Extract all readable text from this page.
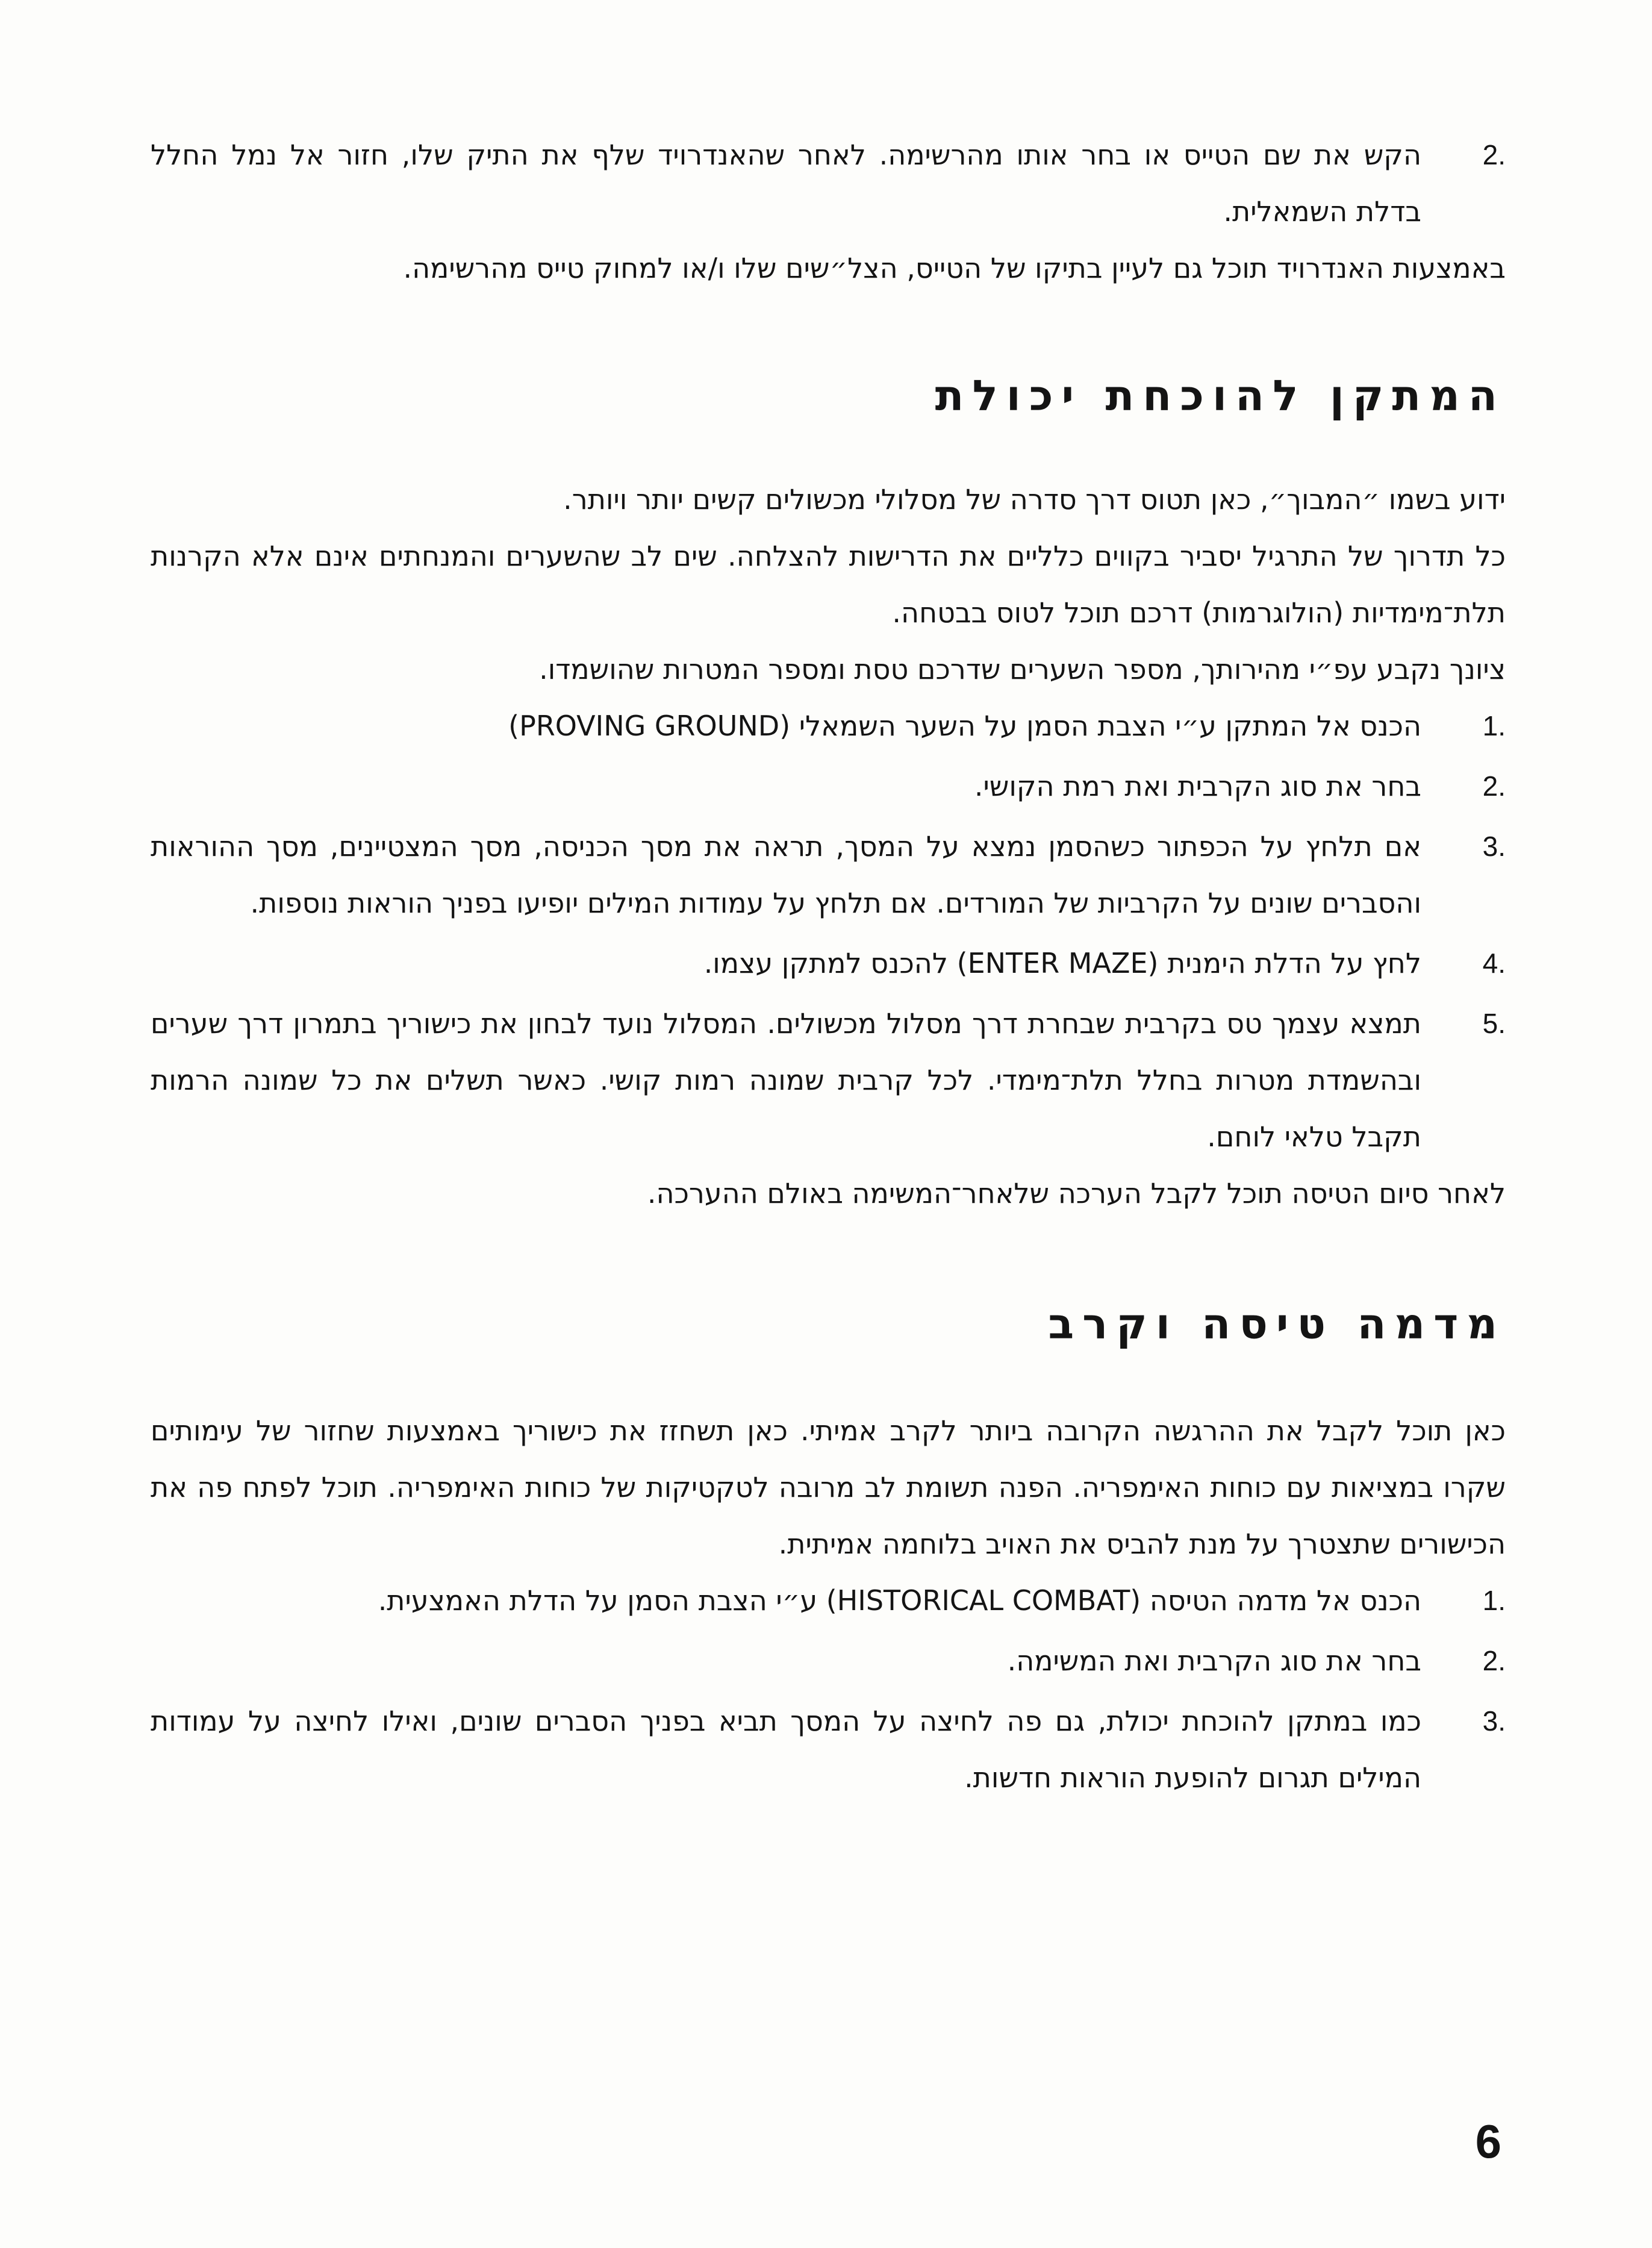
.2
הקש את שם הטייס או בחר אותו מהרשימה. לאחר שהאנדרויד שלף את התיק שלו, חזור אל נמל החלל בדלת השמאלית.

באמצעות האנדרויד תוכל גם לעיין בתיקו של הטייס, הצל״שים שלו ו/או למחוק טייס מהרשימה.

המתקן להוכחת יכולת

ידוע בשמו ״המבוך״, כאן תטוס דרך סדרה של מסלולי מכשולים קשים יותר ויותר.

כל תדרוך של התרגיל יסביר בקווים כלליים את הדרישות להצלחה. שים לב שהשערים והמנחתים אינם אלא הקרנות תלת־מימדיות (הולוגרמות) דרכם תוכל לטוס בבטחה.

ציונך נקבע עפ״י מהירותך, מספר השערים שדרכם טסת ומספר המטרות שהושמדו.

.1
הכנס אל המתקן ע״י הצבת הסמן על השער השמאלי (PROVING GROUND)
.2
בחר את סוג הקרבית ואת רמת הקושי.
.3
אם תלחץ על הכפתור כשהסמן נמצא על המסך, תראה את מסך הכניסה, מסך המצטיינים, מסך ההוראות והסברים שונים על הקרביות של המורדים. אם תלחץ על עמודות המילים יופיעו בפניך הוראות נוספות.
.4
לחץ על הדלת הימנית (ENTER MAZE) להכנס למתקן עצמו.
.5
תמצא עצמך טס בקרבית שבחרת דרך מסלול מכשולים. המסלול נועד לבחון את כישוריך בתמרון דרך שערים ובהשמדת מטרות בחלל תלת־מימדי. לכל קרבית שמונה רמות קושי. כאשר תשלים את כל שמונה הרמות תקבל טלאי לוחם.

לאחר סיום הטיסה תוכל לקבל הערכה שלאחר־המשימה באולם ההערכה.

מדמה טיסה וקרב

כאן תוכל לקבל את ההרגשה הקרובה ביותר לקרב אמיתי. כאן תשחזז את כישוריך באמצעות שחזור של עימותים שקרו במציאות עם כוחות האימפריה. הפנה תשומת לב מרובה לטקטיקות של כוחות האימפריה. תוכל לפתח פה את הכישורים שתצטרך על מנת להביס את האויב בלוחמה אמיתית.

.1
הכנס אל מדמה הטיסה (HISTORICAL COMBAT) ע״י הצבת הסמן על הדלת האמצעית.
.2
בחר את סוג הקרבית ואת המשימה.
.3
כמו במתקן להוכחת יכולת, גם פה לחיצה על המסך תביא בפניך הסברים שונים, ואילו לחיצה על עמודות המילים תגרום להופעת הוראות חדשות.
6
